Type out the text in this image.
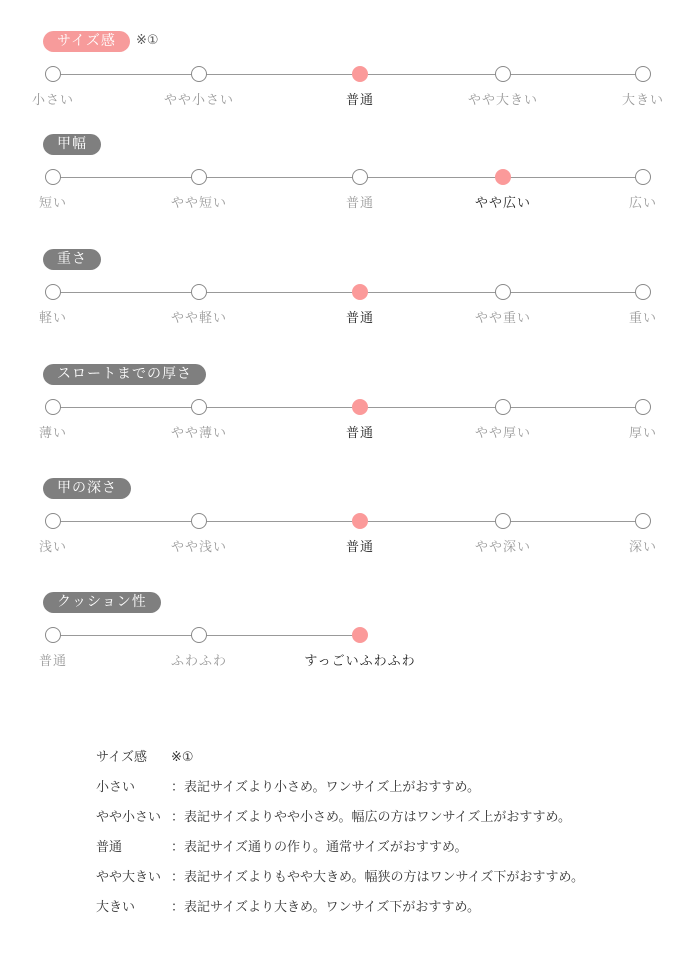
サイズ感	※①
小さい	やや小さい	普通	やや大きい	大きい
甲幅
短い	やや短い	普通	やや広い	広い
重さ
軽い	やや軽い	普通	やや重い	重い
スロートまでの厚さ
薄い	やや薄い	普通	やや厚い	厚い
甲の深さ
浅い	やや浅い	普通	やや深い	深い
クッション性
普通	ふわふわ	すっごいふわふわ
サイズ感	※①
小さい	：表記サイズより小さめ。ワンサイズ上がおすすめ。
やや小さい ：表記サイズよりやや小さめ。幅広の方はワンサイズ上がおすすめ。
普通	：表記サイズ通りの作り。通常サイズがおすすめ。
やや大きい ：表記サイズよりもやや大きめ。幅狭の方はワンサイズ下がおすすめ。
大きい	：表記サイズより大きめ。ワンサイズ下がおすすめ。
